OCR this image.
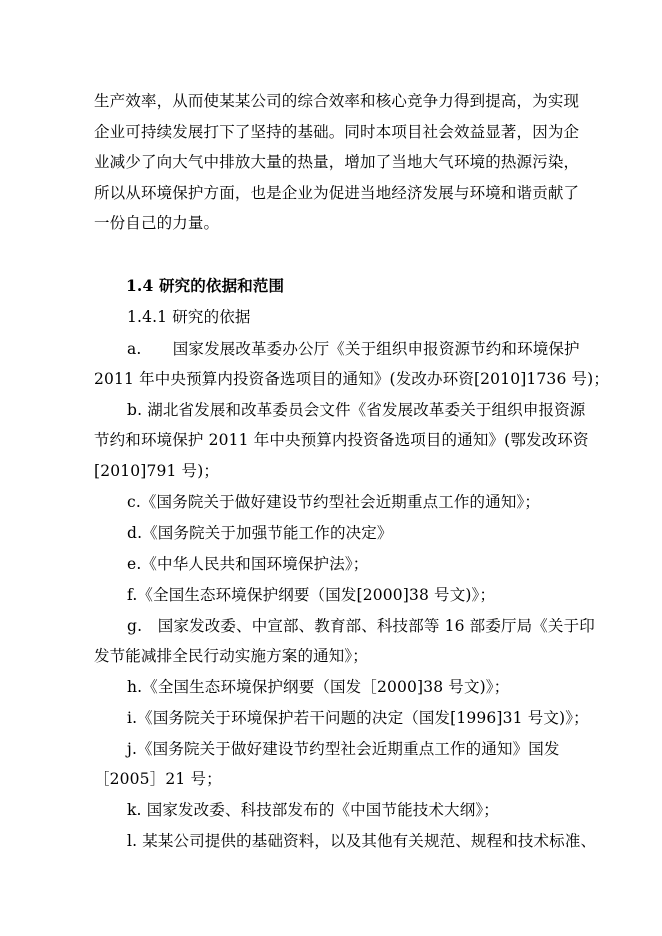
生产效率，从而使某某公司的综合效率和核心竞争力得到提高，为实现
企业可持续发展打下了坚持的基础。同时本项目社会效益显著，因为企
业减少了向大气中排放大量的热量，增加了当地大气环境的热源污染，
所以从环境保护方面，也是企业为促进当地经济发展与环境和谐贡献了
一份自己的力量。
1.4 研究的依据和范围
1.4.1 研究的依据
a.　　国家发展改革委办公厅《关于组织申报资源节约和环境保护
2011 年中央预算内投资备选项目的通知》(发改办环资[2010]1736 号)；
b. 湖北省发展和改革委员会文件《省发展改革委关于组织申报资源
节约和环境保护 2011 年中央预算内投资备选项目的通知》(鄂发改环资
[2010]791 号)；
c.《国务院关于做好建设节约型社会近期重点工作的通知》；
d.《国务院关于加强节能工作的决定》
e.《中华人民共和国环境保护法》；
f.《全国生态环境保护纲要（国发[2000]38 号文)》；
g.　国家发改委、中宣部、教育部、科技部等 16 部委厅局《关于印
发节能减排全民行动实施方案的通知》；
h.《全国生态环境保护纲要（国发［2000]38 号文)》；
i.《国务院关于环境保护若干问题的决定（国发[1996]31 号文)》；
j.《国务院关于做好建设节约型社会近期重点工作的通知》国发
［2005］21 号；
k. 国家发改委、科技部发布的《中国节能技术大纲》；
l. 某某公司提供的基础资料，以及其他有关规范、规程和技术标准、
